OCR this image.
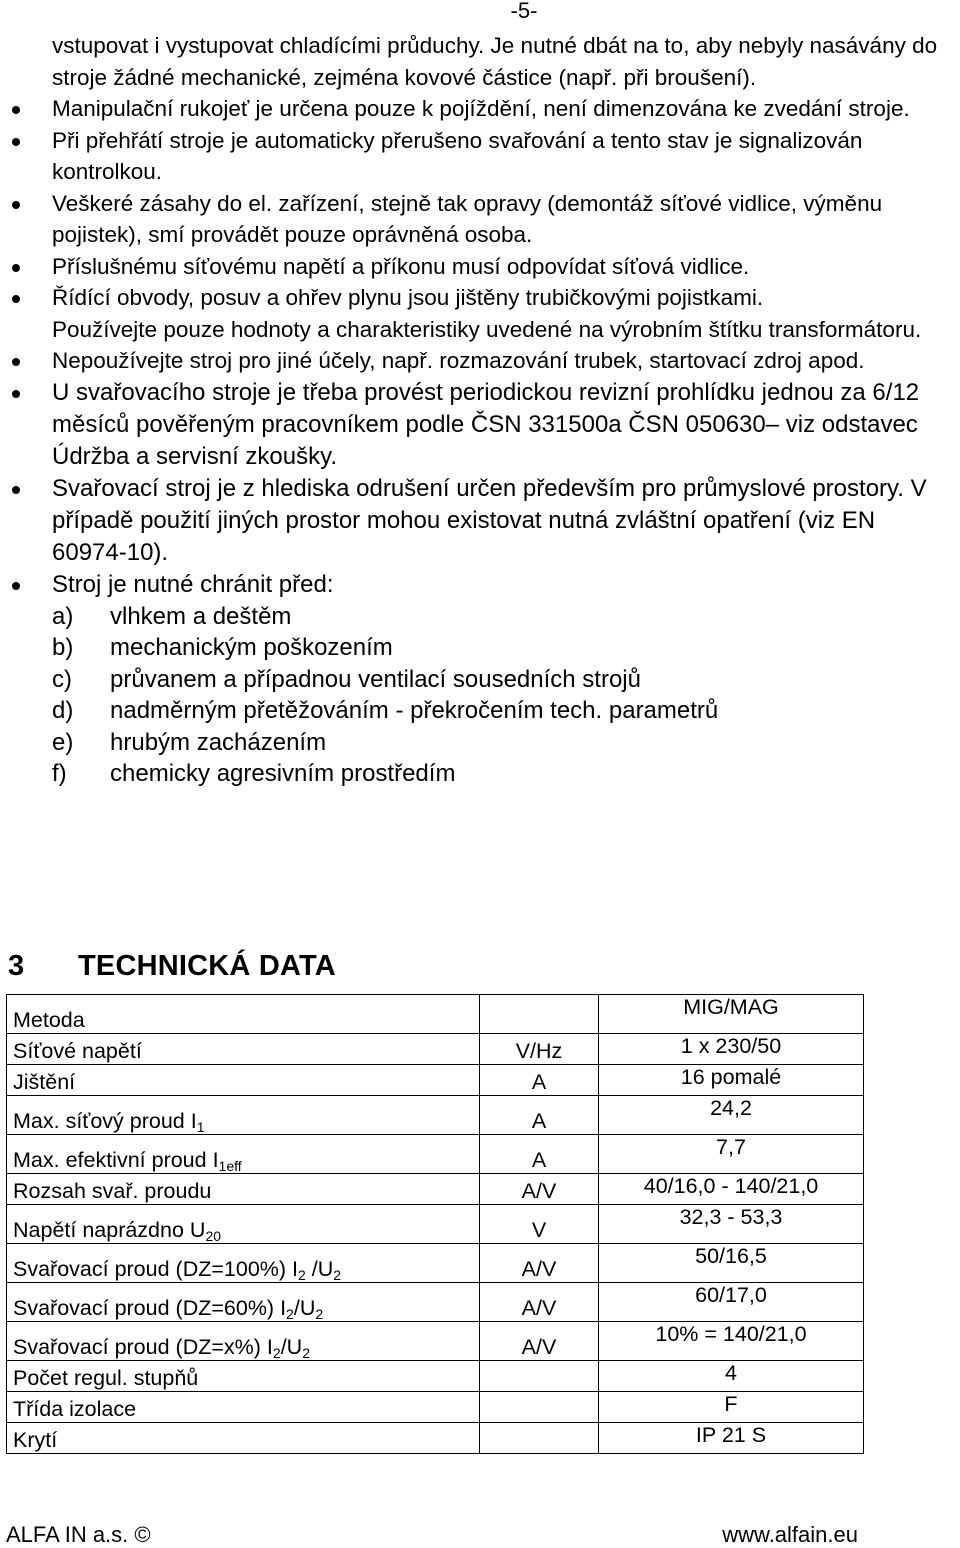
-5-
vstupovat i vystupovat chladícími průduchy. Je nutné dbát na to, aby nebyly nasávány do stroje žádné mechanické, zejména kovové částice (např. při broušení).
Manipulační rukojeť je určena pouze k pojíždění, není dimenzována ke zvedání stroje.
Při přehřátí stroje je automaticky přerušeno svařování a tento stav je signalizován kontrolkou.
Veškeré zásahy do el. zařízení, stejně tak opravy (demontáž síťové vidlice, výměnu pojistek), smí provádět pouze oprávněná osoba.
Příslušnému síťovému napětí a příkonu musí odpovídat síťová vidlice.
Řídící obvody, posuv a ohřev plynu jsou jištěny trubičkovými pojistkami.
Používejte pouze hodnoty a charakteristiky uvedené na výrobním štítku transformátoru.
Nepoužívejte stroj pro jiné účely, např. rozmazování trubek, startovací zdroj apod.
U svařovacího stroje je třeba provést periodickou revizní prohlídku jednou za 6/12 měsíců pověřeným pracovníkem podle ČSN 331500a ČSN 050630– viz odstavec Údržba a servisní zkoušky.
Svařovací stroj je z hlediska odrušení určen především pro průmyslové prostory. V případě použití jiných prostor mohou existovat nutná zvláštní opatření (viz EN 60974-10).
Stroj je nutné chránit před:
a) vlhkem a deštěm
b) mechanickým poškozením
c) průvanem a případnou ventilací sousedních strojů
d) nadměrným přetěžováním - překročením tech. parametrů
e) hrubým zacházením
f) chemicky agresivním prostředím
3 TECHNICKÁ DATA
Metoda		MIG/MAG
Síťové napětí	V/Hz	1 x 230/50
Jištění	A	16 pomalé
Max. síťový proud $I_1$	A	24,2
Max. efektivní proud $I_{1eff}$	A	7,7
Rozsah svař. proudu	A/V	40/16,0 - 140/21,0
Napětí naprázdno $U_{20}$	V	32,3 - 53,3
Svařovací proud (DZ=100%) $I_2$ $/U_2$	A/V	50/16,5
Svařovací proud (DZ=60%) $I_2/U_2$	A/V	60/17,0
Svařovací proud (DZ=x%) $I_2/U_2$	A/V	10% = 140/21,0
Počet regul. stupňů		4
Třída izolace		F
Krytí		IP 21 S
ALFA IN a.s. ©	www.alfain.eu
